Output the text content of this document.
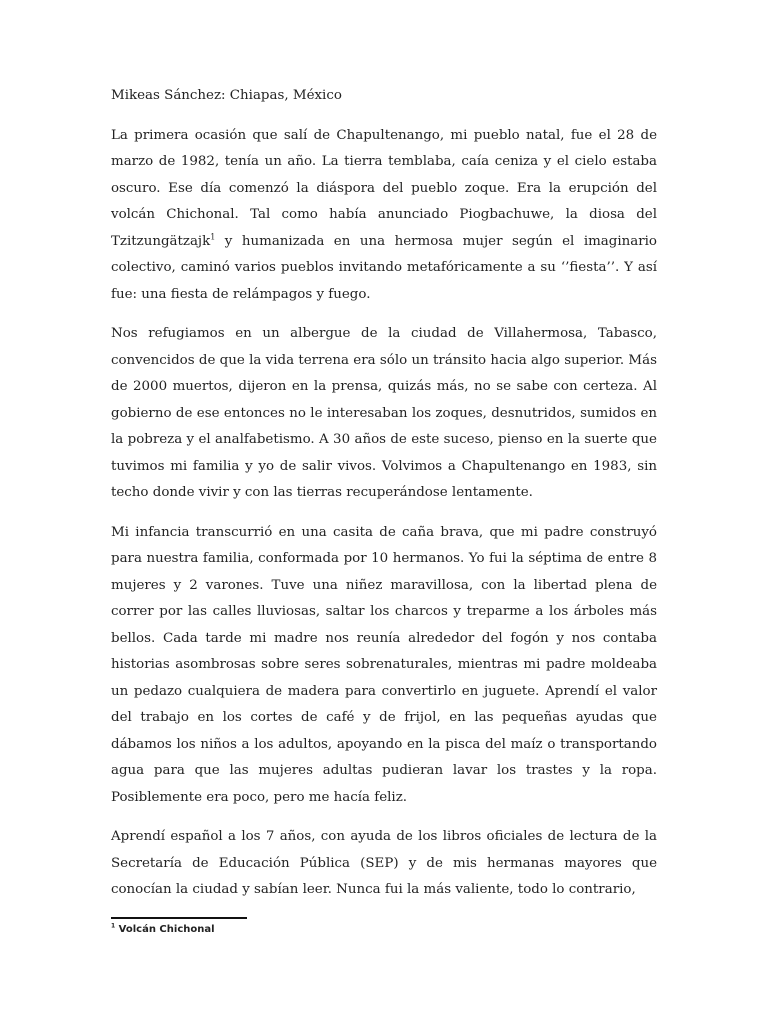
Mikeas Sánchez: Chiapas, México

La primera ocasión que salí de Chapultenango, mi pueblo natal, fue el 28 de marzo de 1982, tenía un año. La tierra temblaba, caía ceniza y el cielo estaba oscuro. Ese día comenzó la diáspora del pueblo zoque. Era la erupción del volcán Chichonal. Tal como había anunciado Piogbachuwe, la diosa del Tzitzungätzajk$^1$ y humanizada en una hermosa mujer según el imaginario colectivo, caminó varios pueblos invitando metafóricamente a su ‘’fiesta’’. Y así fue: una fiesta de relámpagos y fuego.

Nos refugiamos en un albergue de la ciudad de Villahermosa, Tabasco, convencidos de que la vida terrena era sólo un tránsito hacia algo superior. Más de 2000 muertos, dijeron en la prensa, quizás más, no se sabe con certeza. Al gobierno de ese entonces no le interesaban los zoques, desnutridos, sumidos en la pobreza y el analfabetismo. A 30 años de este suceso, pienso en la suerte que tuvimos mi familia y yo de salir vivos. Volvimos a Chapultenango en 1983, sin techo donde vivir y con las tierras recuperándose lentamente.

Mi infancia transcurrió en una casita de caña brava, que mi padre construyó para nuestra familia, conformada por 10 hermanos. Yo fui la séptima de entre 8 mujeres y 2 varones. Tuve una niñez maravillosa, con la libertad plena de correr por las calles lluviosas, saltar los charcos y treparme a los árboles más bellos. Cada tarde mi madre nos reunía alrededor del fogón y nos contaba historias asombrosas sobre seres sobrenaturales, mientras mi padre moldeaba un pedazo cualquiera de madera para convertirlo en juguete. Aprendí el valor del trabajo en los cortes de café y de frijol, en las pequeñas ayudas que dábamos los niños a los adultos, apoyando en la pisca del maíz o transportando agua para que las mujeres adultas pudieran lavar los trastes y la ropa. Posiblemente era poco, pero me hacía feliz.

Aprendí español a los 7 años, con ayuda de los libros oficiales de lectura de la Secretaría de Educación Pública (SEP) y de mis hermanas mayores que conocían la ciudad y sabían leer. Nunca fui la más valiente, todo lo contrario,

$^1$ Volcán Chichonal
